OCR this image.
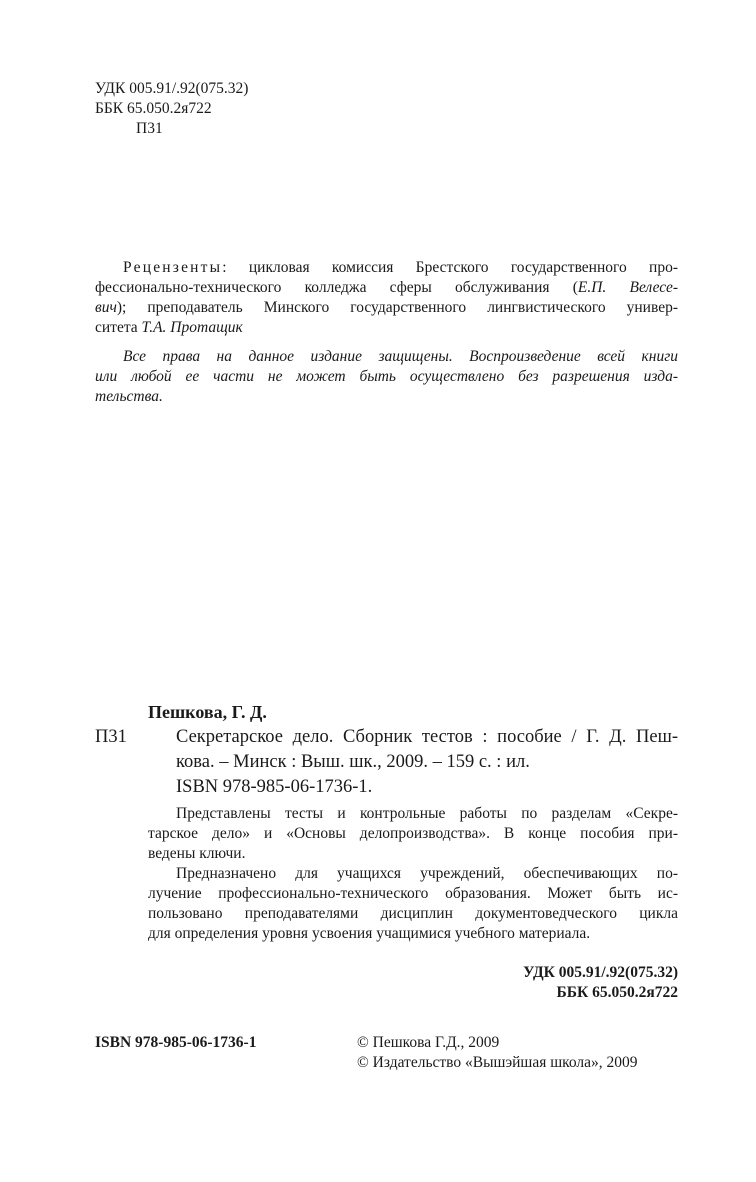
УДК 005.91/.92(075.32)
ББК 65.050.2я722
П31
Рецензенты: цикловая комиссия Брестского государственного про-
фессионально-технического колледжа сферы обслуживания (Е.П. Велесе-
вич); преподаватель Минского государственного лингвистического универ-
ситета Т.А. Протащик
Все права на данное издание защищены. Воспроизведение всей книги
или любой ее части не может быть осуществлено без разрешения изда-
тельства.
Пешкова, Г. Д.
П31	Секретарское дело. Сборник тестов : пособие / Г. Д. Пеш-
кова. – Минск : Выш. шк., 2009. – 159 с. : ил.
ISBN 978-985-06-1736-1.
Представлены тесты и контрольные работы по разделам «Секре-
тарское дело» и «Основы делопроизводства». В конце пособия при-
ведены ключи.
Предназначено для учащихся учреждений, обеспечивающих по-
лучение профессионально-технического образования. Может быть ис-
пользовано преподавателями дисциплин документоведческого цикла
для определения уровня усвоения учащимися учебного материала.
УДК 005.91/.92(075.32)
ББК 65.050.2я722
ISBN 978-985-06-1736-1	© Пешкова Г.Д., 2009
© Издательство «Вышэйшая школа», 2009
